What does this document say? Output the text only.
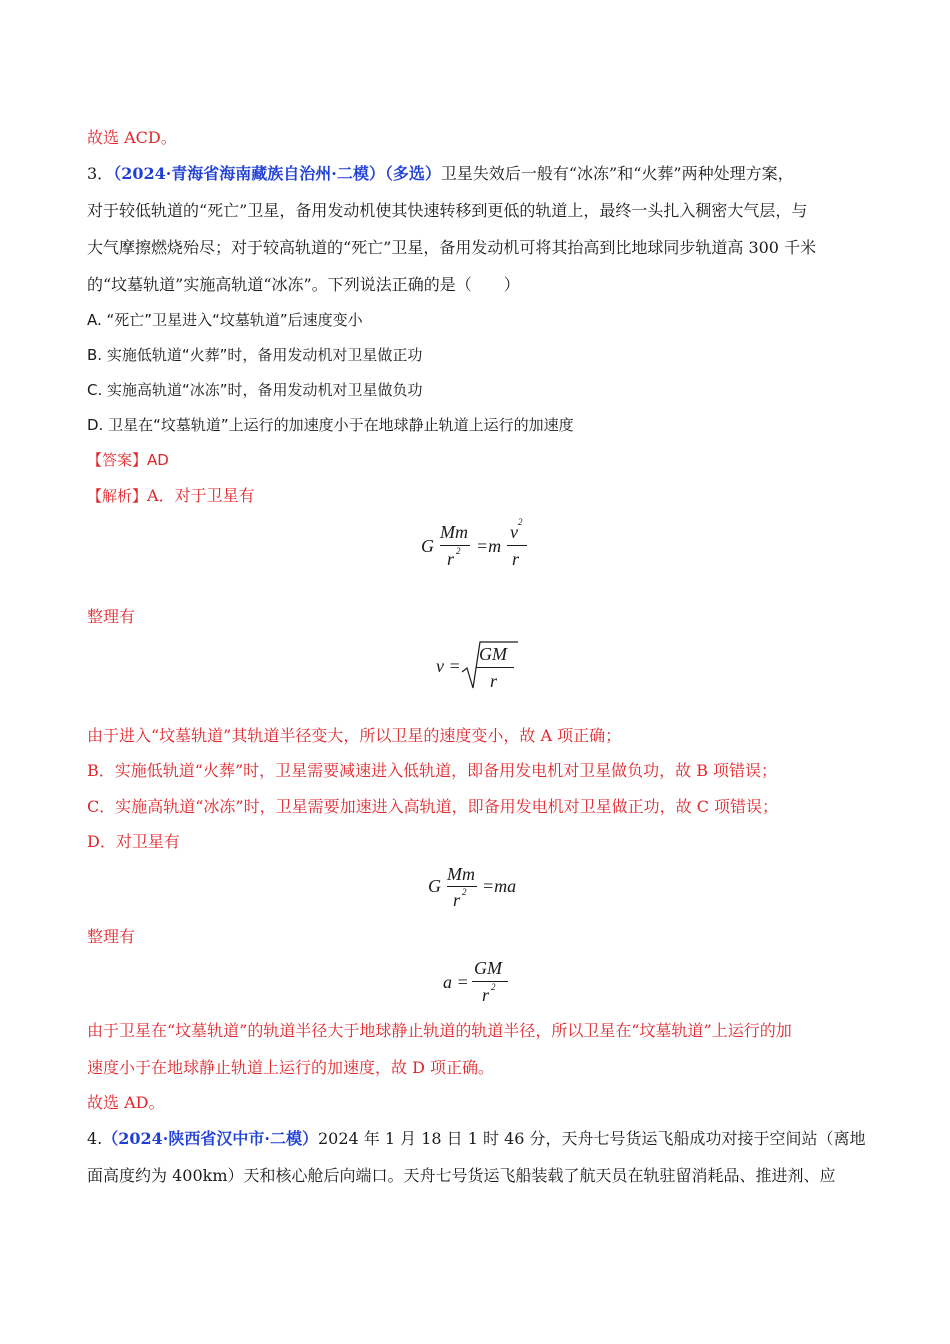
故选 ACD。
3．（2024·青海省海南藏族自治州·二模）（多选）卫星失效后一般有“冰冻”和“火葬”两种处理方案，
对于较低轨道的“死亡”卫星，备用发动机使其快速转移到更低的轨道上，最终一头扎入稠密大气层，与
大气摩擦燃烧殆尽；对于较高轨道的“死亡”卫星，备用发动机可将其抬高到比地球同步轨道高 300 千米
的“坟墓轨道”实施高轨道“冰冻”。下列说法正确的是（　　）
A. “死亡”卫星进入“坟墓轨道”后速度变小
B. 实施低轨道“火葬”时，备用发动机对卫星做正功
C. 实施高轨道“冰冻”时，备用发动机对卫星做负功
D. 卫星在“坟墓轨道”上运行的加速度小于在地球静止轨道上运行的加速度
【答案】AD
【解析】A．对于卫星有
G
Mm
r 2 =m
v 2
r
整理有
v =
GM
r
由于进入“坟墓轨道”其轨道半径变大，所以卫星的速度变小，故 A 项正确；
B．实施低轨道“火葬”时，卫星需要减速进入低轨道，即备用发电机对卫星做负功，故 B 项错误；
C．实施高轨道“冰冻”时，卫星需要加速进入高轨道，即备用发电机对卫星做正功，故 C 项错误；
D．对卫星有
G
Mm
r 2 =ma
整理有
a =
GM
r 2
由于卫星在“坟墓轨道”的轨道半径大于地球静止轨道的轨道半径，所以卫星在“坟墓轨道”上运行的加
速度小于在地球静止轨道上运行的加速度，故 D 项正确。
故选 AD。
4.（2024·陕西省汉中市·二模）2024 年 1 月 18 日 1 时 46 分，天舟七号货运飞船成功对接于空间站（离地
面高度约为 400km）天和核心舱后向端口。天舟七号货运飞船装载了航天员在轨驻留消耗品、推进剂、应
